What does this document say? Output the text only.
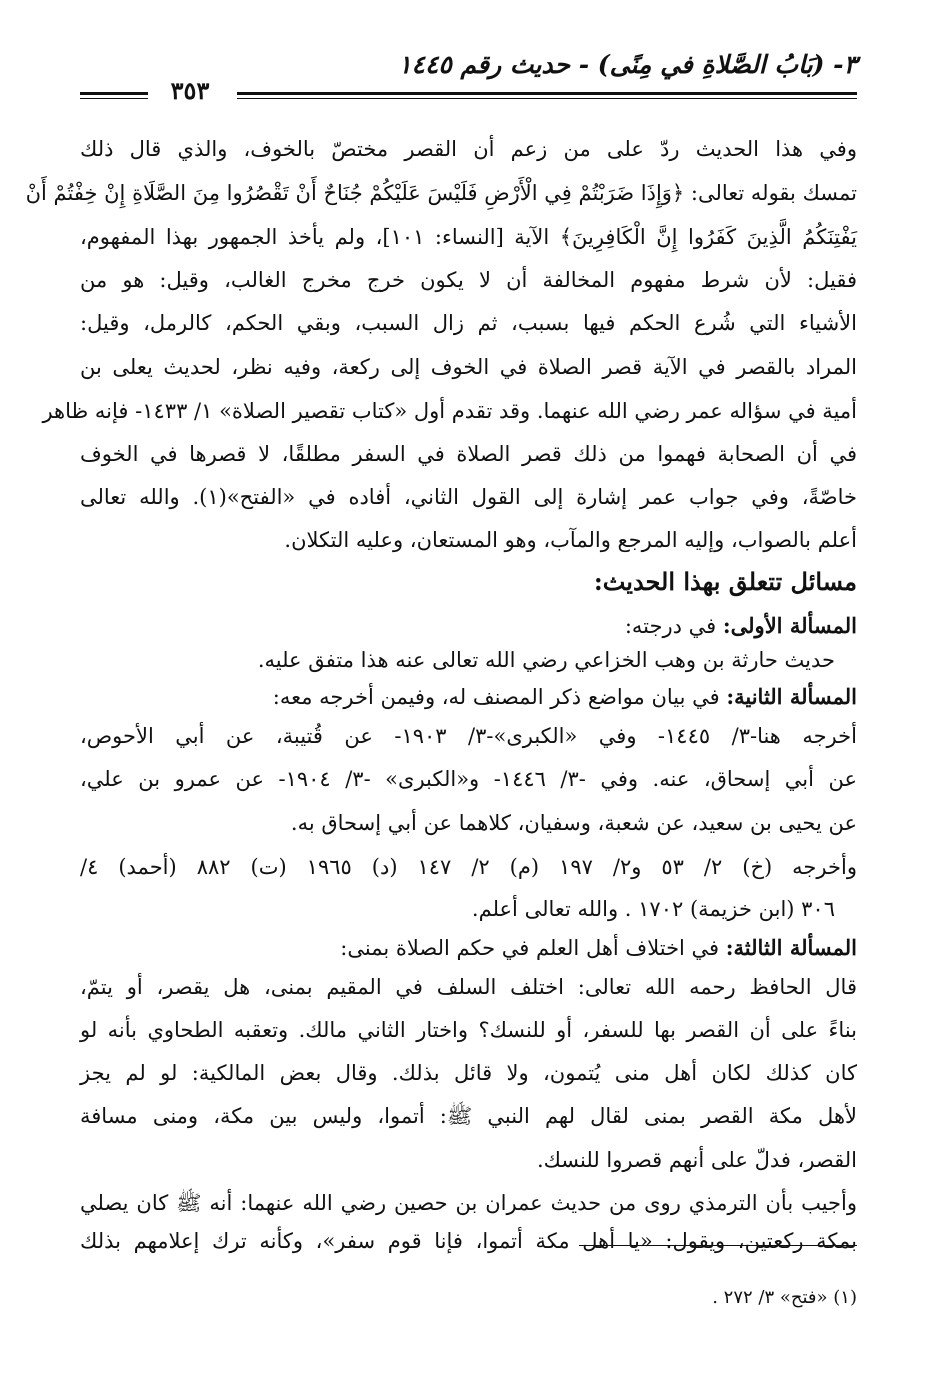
٣- (بَابُ الصَّلاةِ في مِنًى) - حديث رقم ١٤٤٥
٣٥٣
وفي هذا الحديث ردّ على من زعم أن القصر مختصّ بالخوف، والذي قال ذلك
تمسك بقوله تعالى: ﴿وَإِذَا ضَرَبْتُمْ فِي الْأَرْضِ فَلَيْسَ عَلَيْكُمْ جُنَاحٌ أَنْ تَقْصُرُوا مِنَ الصَّلَاةِ إِنْ خِفْتُمْ أَنْ
يَفْتِنَكُمُ الَّذِينَ كَفَرُوا إِنَّ الْكَافِرِينَ﴾ الآية [النساء: ١٠١]، ولم يأخذ الجمهور بهذا المفهوم،
فقيل: لأن شرط مفهوم المخالفة أن لا يكون خرج مخرج الغالب، وقيل: هو من
الأشياء التي شُرع الحكم فيها بسبب، ثم زال السبب، وبقي الحكم، كالرمل، وقيل:
المراد بالقصر في الآية قصر الصلاة في الخوف إلى ركعة، وفيه نظر، لحديث يعلى بن
أمية في سؤاله عمر رضي الله عنهما. وقد تقدم أول «كتاب تقصير الصلاة» ١/ ١٤٣٣- فإنه ظاهر
في أن الصحابة فهموا من ذلك قصر الصلاة في السفر مطلقًا، لا قصرها في الخوف
خاصّةً، وفي جواب عمر إشارة إلى القول الثاني، أفاده في «الفتح»(١). والله تعالى
أعلم بالصواب، وإليه المرجع والمآب، وهو المستعان، وعليه التكلان.
مسائل تتعلق بهذا الحديث:
المسألة الأولى: في درجته:
حديث حارثة بن وهب الخزاعي رضي الله تعالى عنه هذا متفق عليه.
المسألة الثانية: في بيان مواضع ذكر المصنف له، وفيمن أخرجه معه:
أخرجه هنا-٣/ ١٤٤٥- وفي «الكبرى»-٣/ ١٩٠٣- عن قُتيبة، عن أبي الأحوص،
عن أبي إسحاق، عنه. وفي -٣/ ١٤٤٦- و«الكبرى» -٣/ ١٩٠٤- عن عمرو بن علي،
عن يحيى بن سعيد، عن شعبة، وسفيان، كلاهما عن أبي إسحاق به.
وأخرجه (خ) ٢/ ٥٣ و٢/ ١٩٧ (م) ٢/ ١٤٧ (د) ١٩٦٥ (ت) ٨٨٢ (أحمد) ٤/
٣٠٦ (ابن خزيمة) ١٧٠٢ . والله تعالى أعلم.
المسألة الثالثة: في اختلاف أهل العلم في حكم الصلاة بمنى:
قال الحافظ رحمه الله تعالى: اختلف السلف في المقيم بمنى، هل يقصر، أو يتمّ،
بناءً على أن القصر بها للسفر، أو للنسك؟ واختار الثاني مالك. وتعقبه الطحاوي بأنه لو
كان كذلك لكان أهل منى يُتمون، ولا قائل بذلك. وقال بعض المالكية: لو لم يجز
لأهل مكة القصر بمنى لقال لهم النبي ﷺ: أتموا، وليس بين مكة، ومنى مسافة
القصر، فدلّ على أنهم قصروا للنسك.
وأجيب بأن الترمذي روى من حديث عمران بن حصين رضي الله عنهما: أنه ﷺ كان يصلي
بمكة ركعتين، ويقول: «يا أهل مكة أتموا، فإنا قوم سفر»، وكأنه ترك إعلامهم بذلك
(١) «فتح» ٣/ ٢٧٢ .
